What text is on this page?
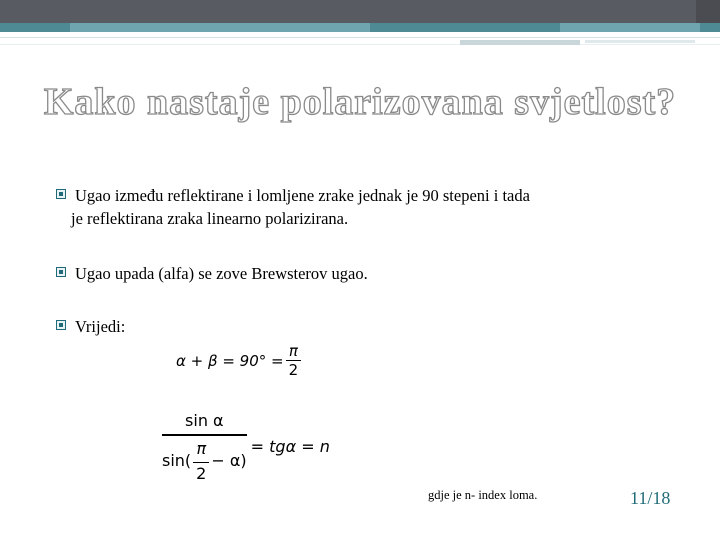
Kako nastaje polarizovana svjetlost?
Ugao između reflektirane i lomljene zrake jednak je 90 stepeni i tada
je reflektirana zraka linearno polarizirana.
Ugao upada (alfa) se zove Brewsterov ugao.
Vrijedi:
$\alpha + \beta = 90^\circ = \frac{\pi}{2}$
$\frac{\text{sin α}}{\sin( \frac{\pi}{2} - \alpha)} = tg\alpha = n$
gdje je n- index loma.	11/18
